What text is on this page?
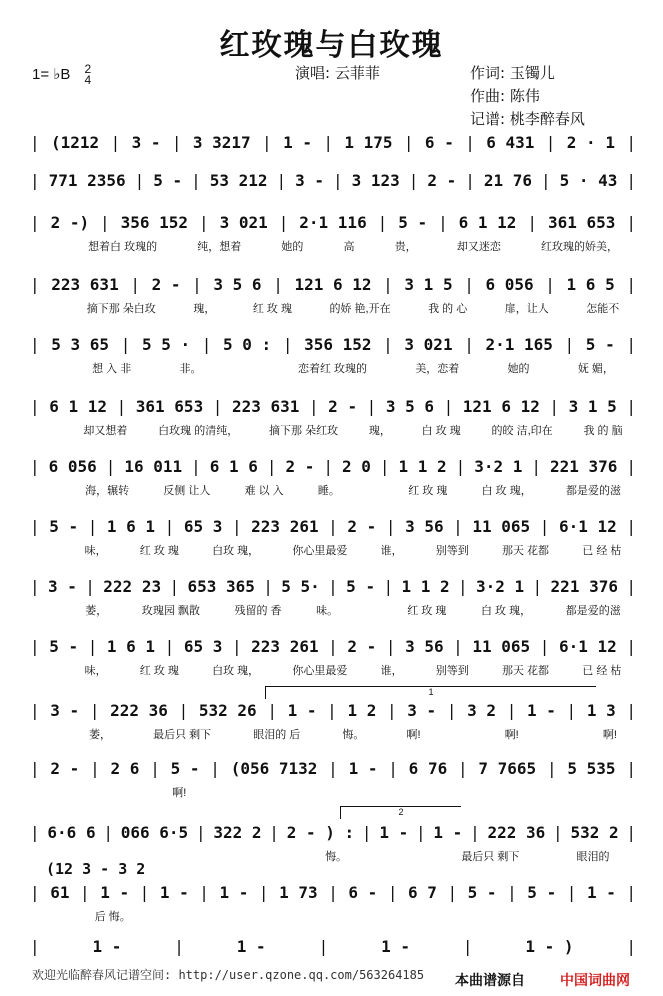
红玫瑰与白玫瑰
1= ♭B 2
4	演唱: 云菲菲	作词: 玉镯儿
作曲: 陈伟
记谱: 桃李醉春风
| (1212 | 3 - | 3 3217 | 1 - | 1 175 | 6 - | 6 431 | 2 · 1 |
| 771 2356 | 5 - | 53 212 | 3 - | 3 123 | 2 - | 21 76 | 5 · 43 |
| 2 -) | 356 152 | 3 021 | 2·1 116 | 5 - | 6 1 12 | 361 653 |
想着白 玫瑰的	纯，想着	她的	高	贵，	却又迷恋	红玫瑰的娇美，
| 223 631 | 2 - | 3 5 6 | 121 6 12 | 3 1 5 | 6 056 | 1 6 5 |
摘下那 朵白玫	瑰，	红 玫 瑰	的娇 艳,开在	我 的 心	扉，让人	怎能不
| 5 3 65 | 5 5 · | 5 0 : | 356 152 | 3 021 | 2·1 165 | 5 - |
想 入 非	非。	恋着红 玫瑰的	美，恋着	她的	妩 媚，
| 6 1 12 | 361 653 | 223 631 | 2 - | 3 5 6 | 121 6 12 | 3 1 5 |
却又想着	白玫瑰 的清纯，	摘下那 朵红玫	瑰，	白 玫 瑰	的皎 洁,印在	我 的 脑
| 6 056 | 16 011 | 6 1 6 | 2 - | 2 0 | 1 1 2 | 3·2 1 | 221 376 |
海，辗转	反侧 让人	难 以 入	睡。	红 玫 瑰	白 玫 瑰，	都是爱的滋
| 5 - | 1 6 1 | 65 3 | 223 261 | 2 - | 3 56 | 11 065 | 6·1 12 |
味，	红 玫 瑰	白玫 瑰，	你心里最爱	谁，	别等到	那天 花都	已 经 枯
| 3 - | 222 23 | 653 365 | 5 5· | 5 - | 1 1 2 | 3·2 1 | 221 376 |
萎，	玫瑰园 飘散	残留的 香	味。	红 玫 瑰	白 玫 瑰，	都是爱的滋
| 5 - | 1 6 1 | 65 3 | 223 261 | 2 - | 3 56 | 11 065 | 6·1 12 |
味，	红 玫 瑰	白玫 瑰，	你心里最爱	谁，	别等到	那天 花都	已 经 枯
| 3 - | 222 36 | 532 26 | 1 - | 1 2 | 3 - | 3 2 | 1 - | 1 3 |
萎，	最后只 剩下	眼泪的 后	悔。	啊!	啊!	啊!
| 2 - | 2 6 | 5 - | (056 7132 | 1 - | 6 76 | 7 7665 | 5 535 |
啊!
| 6·6 6 | 066 6·5 | 322 2 | 2 - ) : | 1 - | 1 - | 222 36 | 532 2 |
悔。	最后只 剩下	眼泪的
| 61 | 1 - | 1 - | 1 - | 1 73 | 6 - | 6 7 | 5 - | 5 - | 1 - |
后 悔。
|	1 -	|	1 -	|	1 -	|	1 - )	|
1
2
(12 3 - 3 2
欢迎光临醉春风记谱空间: http://user.qzone.qq.com/563264185 本曲谱源自	中国词曲网
